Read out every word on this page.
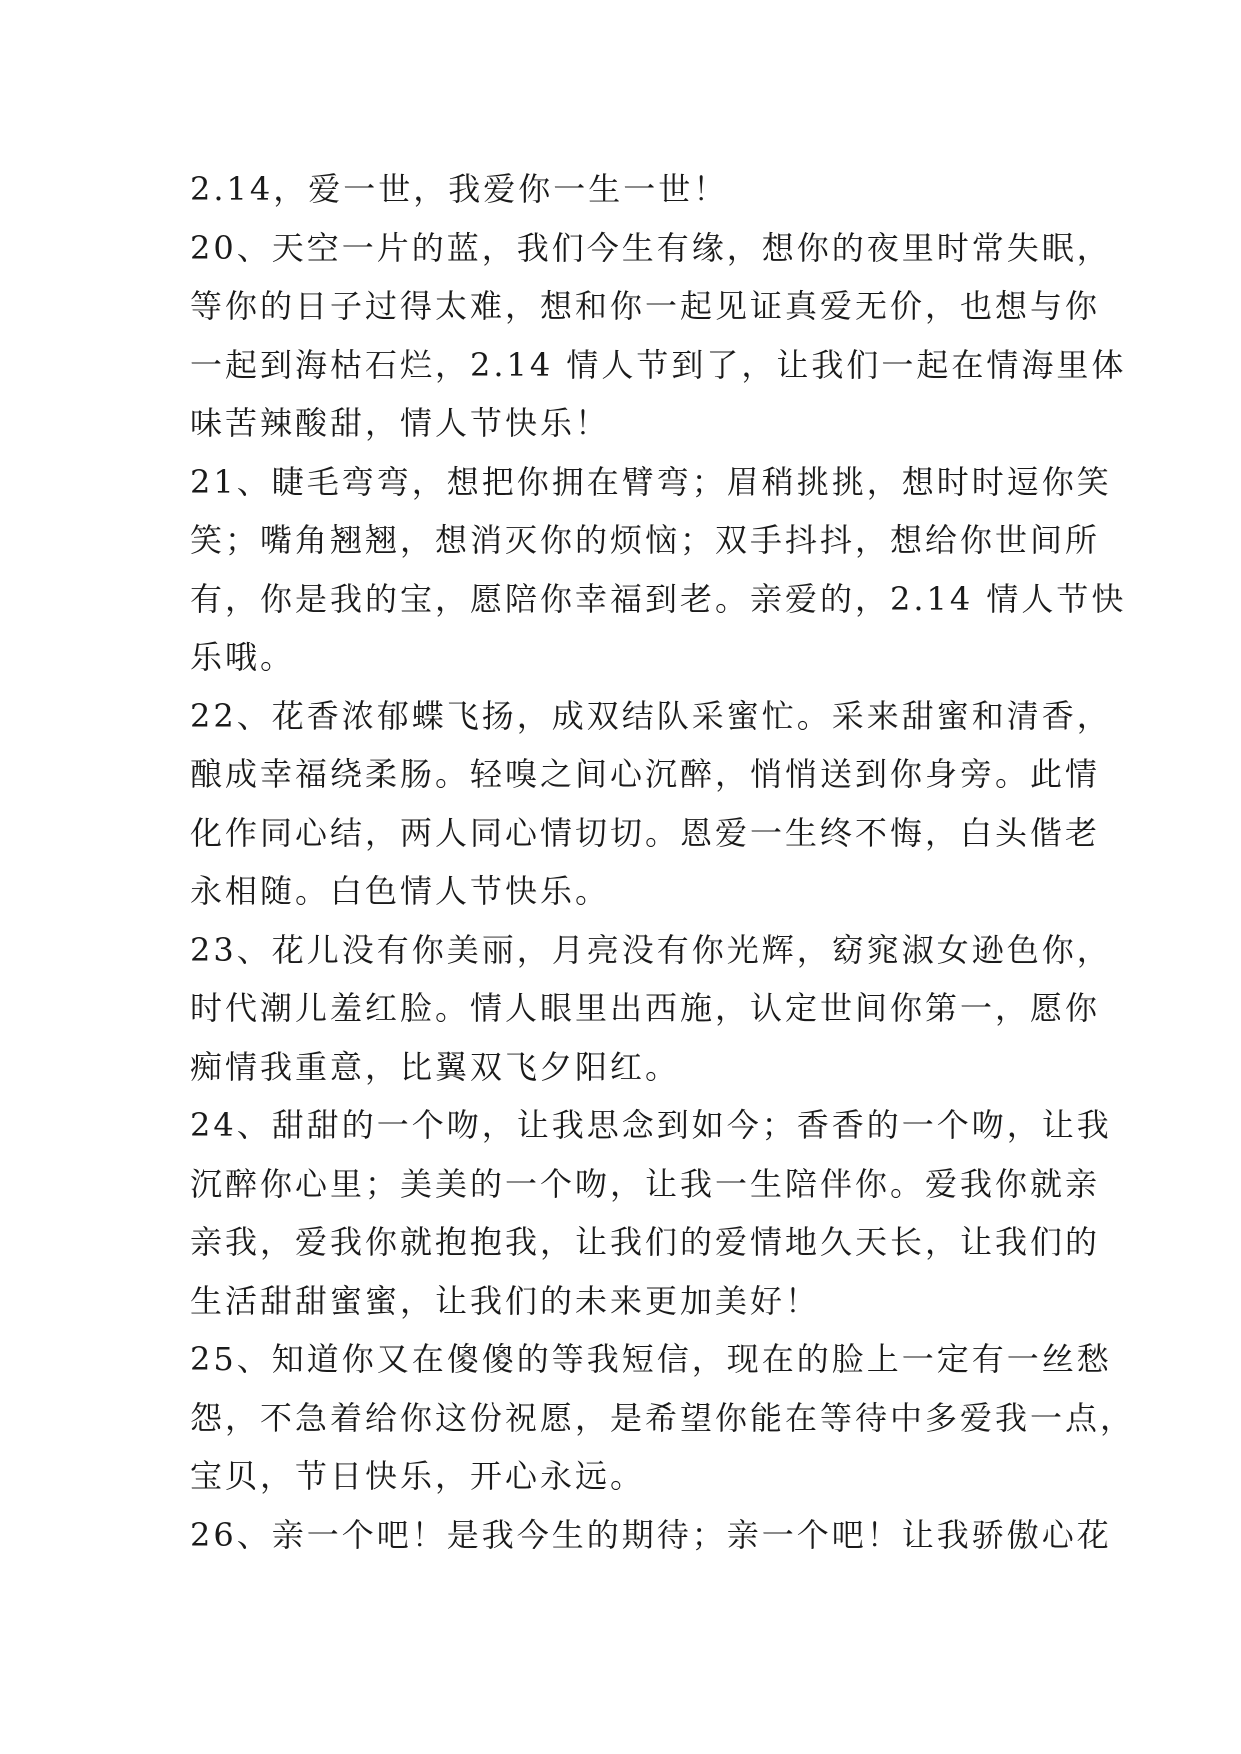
2.14，爱一世，我爱你一生一世！
20、天空一片的蓝，我们今生有缘，想你的夜里时常失眠，
等你的日子过得太难，想和你一起见证真爱无价，也想与你
一起到海枯石烂，2.14 情人节到了，让我们一起在情海里体
味苦辣酸甜，情人节快乐！
21、睫毛弯弯，想把你拥在臂弯；眉稍挑挑，想时时逗你笑
笑；嘴角翘翘，想消灭你的烦恼；双手抖抖，想给你世间所
有，你是我的宝，愿陪你幸福到老。亲爱的，2.14 情人节快
乐哦。
22、花香浓郁蝶飞扬，成双结队采蜜忙。采来甜蜜和清香，
酿成幸福绕柔肠。轻嗅之间心沉醉，悄悄送到你身旁。此情
化作同心结，两人同心情切切。恩爱一生终不悔，白头偕老
永相随。白色情人节快乐。
23、花儿没有你美丽，月亮没有你光辉，窈窕淑女逊色你，
时代潮儿羞红脸。情人眼里出西施，认定世间你第一，愿你
痴情我重意，比翼双飞夕阳红。
24、甜甜的一个吻，让我思念到如今；香香的一个吻，让我
沉醉你心里；美美的一个吻，让我一生陪伴你。爱我你就亲
亲我，爱我你就抱抱我，让我们的爱情地久天长，让我们的
生活甜甜蜜蜜，让我们的未来更加美好！
25、知道你又在傻傻的等我短信，现在的脸上一定有一丝愁
怨，不急着给你这份祝愿，是希望你能在等待中多爱我一点，
宝贝，节日快乐，开心永远。
26、亲一个吧！是我今生的期待；亲一个吧！让我骄傲心花
